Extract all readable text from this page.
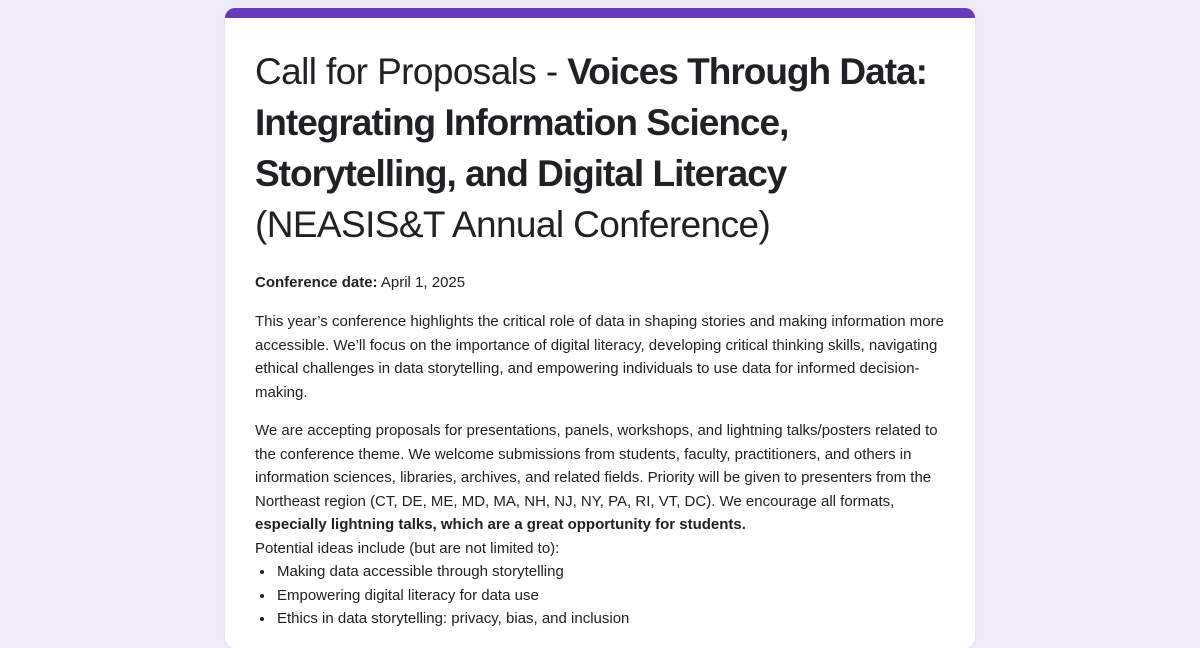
Call for Proposals - Voices Through Data: Integrating Information Science, Storytelling, and Digital Literacy (NEASIS&T Annual Conference)
Conference date: April 1, 2025

This year’s conference highlights the critical role of data in shaping stories and making information more accessible. We’ll focus on the importance of digital literacy, developing critical thinking skills, navigating ethical challenges in data storytelling, and empowering individuals to use data for informed decision-making.

We are accepting proposals for presentations, panels, workshops, and lightning talks/posters related to the conference theme. We welcome submissions from students, faculty, practitioners, and others in information sciences, libraries, archives, and related fields. Priority will be given to presenters from the Northeast region (CT, DE, ME, MD, MA, NH, NJ, NY, PA, RI, VT, DC). We encourage all formats, especially lightning talks, which are a great opportunity for students.

Potential ideas include (but are not limited to):

• Making data accessible through storytelling
• Empowering digital literacy for data use
• Ethics in data storytelling: privacy, bias, and inclusion
